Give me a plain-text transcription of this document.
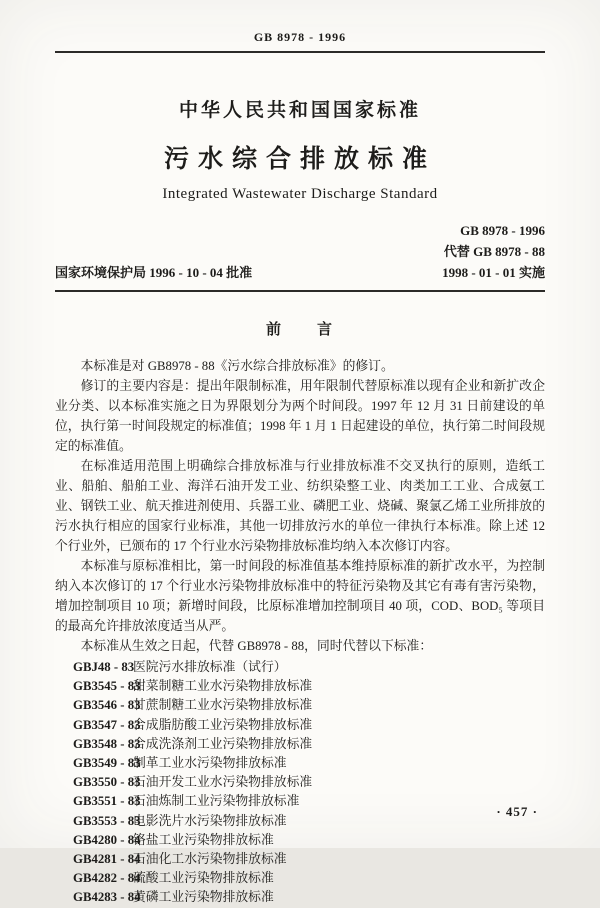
GB 8978 - 1996
中华人民共和国国家标准
污水综合排放标准
Integrated Wastewater Discharge Standard
GB 8978 - 1996
代替 GB 8978 - 88
国家环境保护局 1996 - 10 - 04 批准	1998 - 01 - 01 实施
前　　言

本标准是对 GB8978 - 88《污水综合排放标准》的修订。

修订的主要内容是：提出年限制标准，用年限制代替原标准以现有企业和新扩改企业分类、以本标准实施之日为界限划分为两个时间段。1997 年 12 月 31 日前建设的单位，执行第一时间段规定的标准值；1998 年 1 月 1 日起建设的单位，执行第二时间段规定的标准值。

在标准适用范围上明确综合排放标准与行业排放标准不交叉执行的原则，造纸工业、船舶、船舶工业、海洋石油开发工业、纺织染整工业、肉类加工工业、合成氨工业、钢铁工业、航天推进剂使用、兵器工业、磷肥工业、烧碱、聚氯乙烯工业所排放的污水执行相应的国家行业标准，其他一切排放污水的单位一律执行本标准。除上述 12 个行业外，已颁布的 17 个行业水污染物排放标准均纳入本次修订内容。

本标准与原标准相比，第一时间段的标准值基本维持原标准的新扩改水平，为控制纳入本次修订的 17 个行业水污染物排放标准中的特征污染物及其它有毒有害污染物，增加控制项目 10 项；新增时间段，比原标准增加控制项目 40 项，COD、BOD₅ 等项目的最高允许排放浓度适当从严。

本标准从生效之日起，代替 GB8978 - 88，同时代替以下标准：

GBJ48 - 83医院污水排放标准（试行）
GB3545 - 83甜菜制糖工业水污染物排放标准
GB3546 - 83甘蔗制糖工业水污染物排放标准
GB3547 - 83合成脂肪酸工业污染物排放标准
GB3548 - 83合成洗涤剂工业污染物排放标准
GB3549 - 83制革工业水污染物排放标准
GB3550 - 83石油开发工业水污染物排放标准
GB3551 - 83石油炼制工业污染物排放标准
GB3553 - 83电影洗片水污染物排放标准
GB4280 - 84铬盐工业污染物排放标准
GB4281 - 84石油化工水污染物排放标准
GB4282 - 84硫酸工业污染物排放标准
GB4283 - 84黄磷工业污染物排放标准
· 457 ·
